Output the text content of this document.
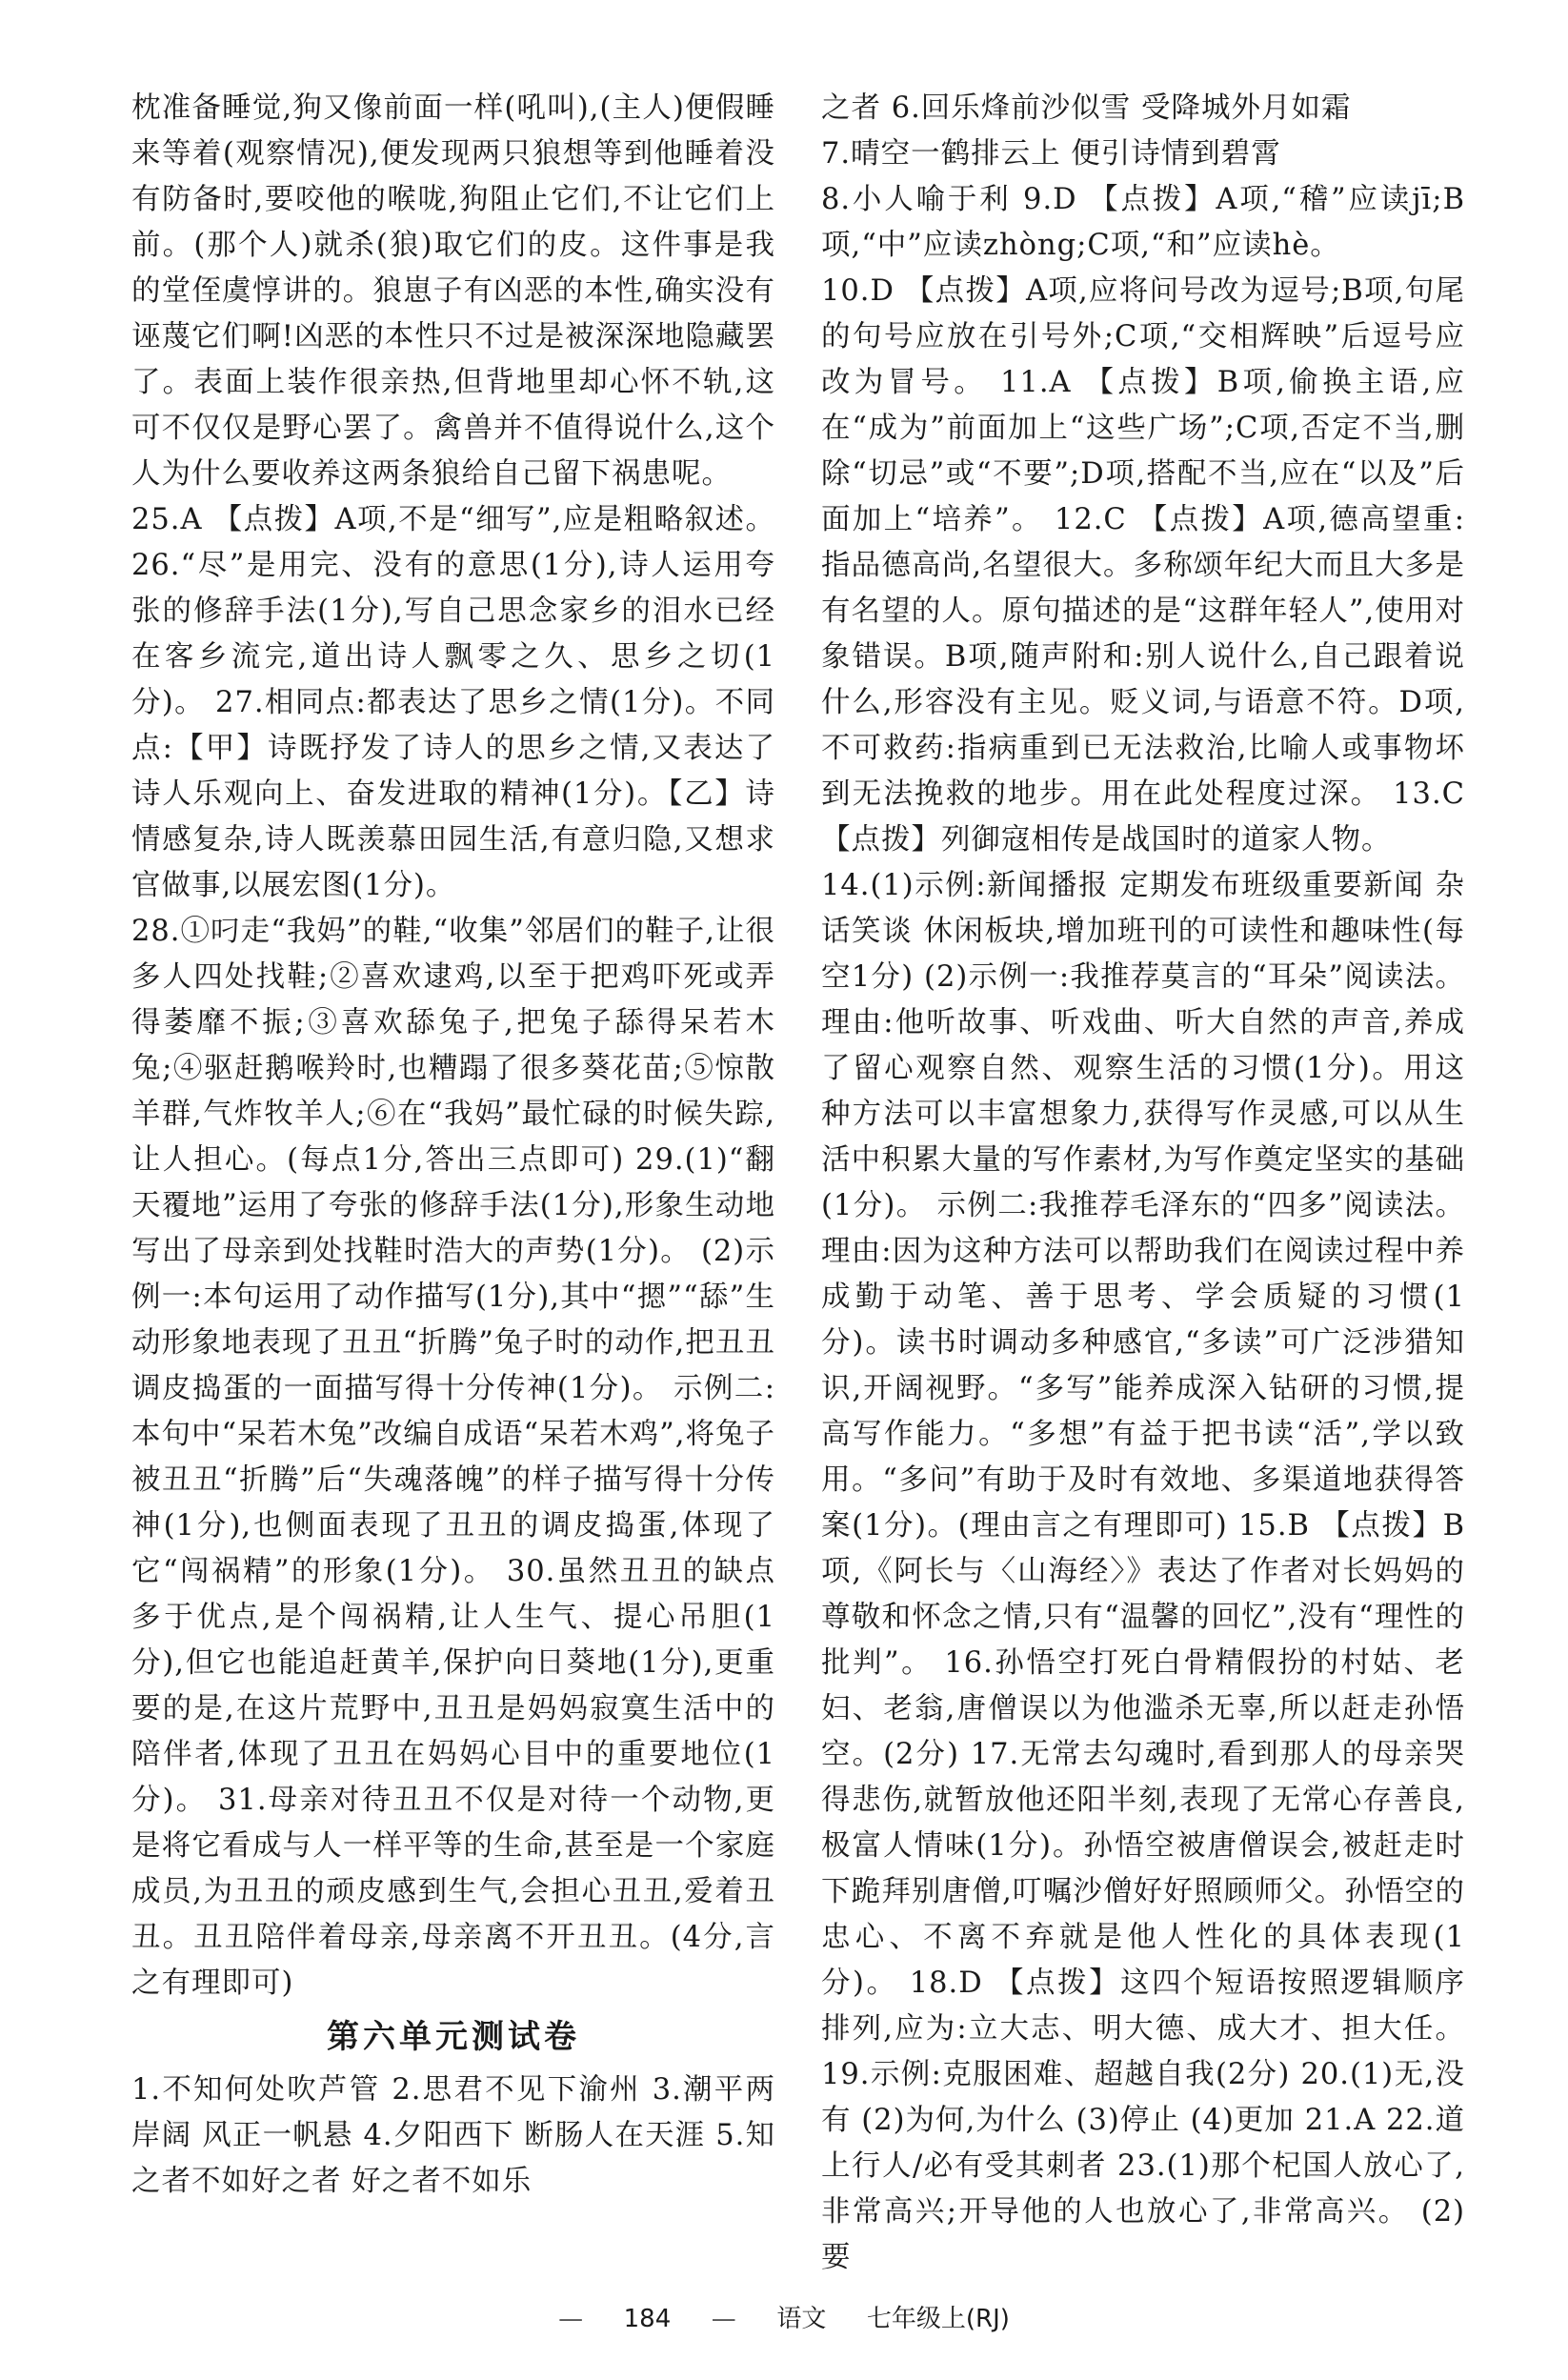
枕准备睡觉,狗又像前面一样(吼叫),(主人)便假睡来等着(观察情况),便发现两只狼想等到他睡着没有防备时,要咬他的喉咙,狗阻止它们,不让它们上前。(那个人)就杀(狼)取它们的皮。这件事是我的堂侄虞惇讲的。狼崽子有凶恶的本性,确实没有诬蔑它们啊!凶恶的本性只不过是被深深地隐藏罢了。表面上装作很亲热,但背地里却心怀不轨,这可不仅仅是野心罢了。禽兽并不值得说什么,这个人为什么要收养这两条狼给自己留下祸患呢。

25.A 【点拨】A项,不是“细写”,应是粗略叙述。 26.“尽”是用完、没有的意思(1分),诗人运用夸张的修辞手法(1分),写自己思念家乡的泪水已经在客乡流完,道出诗人飘零之久、思乡之切(1分)。 27.相同点:都表达了思乡之情(1分)。不同点:【甲】诗既抒发了诗人的思乡之情,又表达了诗人乐观向上、奋发进取的精神(1分)。【乙】诗情感复杂,诗人既羡慕田园生活,有意归隐,又想求官做事,以展宏图(1分)。

28.①叼走“我妈”的鞋,“收集”邻居们的鞋子,让很多人四处找鞋;②喜欢逮鸡,以至于把鸡吓死或弄得萎靡不振;③喜欢舔兔子,把兔子舔得呆若木兔;④驱赶鹅喉羚时,也糟蹋了很多葵花苗;⑤惊散羊群,气炸牧羊人;⑥在“我妈”最忙碌的时候失踪,让人担心。(每点1分,答出三点即可) 29.(1)“翻天覆地”运用了夸张的修辞手法(1分),形象生动地写出了母亲到处找鞋时浩大的声势(1分)。 (2)示例一:本句运用了动作描写(1分),其中“摁”“舔”生动形象地表现了丑丑“折腾”兔子时的动作,把丑丑调皮捣蛋的一面描写得十分传神(1分)。 示例二:本句中“呆若木兔”改编自成语“呆若木鸡”,将兔子被丑丑“折腾”后“失魂落魄”的样子描写得十分传神(1分),也侧面表现了丑丑的调皮捣蛋,体现了它“闯祸精”的形象(1分)。 30.虽然丑丑的缺点多于优点,是个闯祸精,让人生气、提心吊胆(1分),但它也能追赶黄羊,保护向日葵地(1分),更重要的是,在这片荒野中,丑丑是妈妈寂寞生活中的陪伴者,体现了丑丑在妈妈心目中的重要地位(1分)。 31.母亲对待丑丑不仅是对待一个动物,更是将它看成与人一样平等的生命,甚至是一个家庭成员,为丑丑的顽皮感到生气,会担心丑丑,爱着丑丑。丑丑陪伴着母亲,母亲离不开丑丑。(4分,言之有理即可)

第六单元测试卷

1.不知何处吹芦管 2.思君不见下渝州 3.潮平两岸阔 风正一帆悬 4.夕阳西下 断肠人在天涯 5.知之者不如好之者 好之者不如乐

之者 6.回乐烽前沙似雪 受降城外月如霜

7.晴空一鹤排云上 便引诗情到碧霄

8.小人喻于利 9.D 【点拨】A项,“稽”应读jī;B项,“中”应读zhòng;C项,“和”应读hè。

10.D 【点拨】A项,应将问号改为逗号;B项,句尾的句号应放在引号外;C项,“交相辉映”后逗号应改为冒号。 11.A 【点拨】B项,偷换主语,应在“成为”前面加上“这些广场”;C项,否定不当,删除“切忌”或“不要”;D项,搭配不当,应在“以及”后面加上“培养”。 12.C 【点拨】A项,德高望重:指品德高尚,名望很大。多称颂年纪大而且大多是有名望的人。原句描述的是“这群年轻人”,使用对象错误。B项,随声附和:别人说什么,自己跟着说什么,形容没有主见。贬义词,与语意不符。D项,不可救药:指病重到已无法救治,比喻人或事物坏到无法挽救的地步。用在此处程度过深。 13.C 【点拨】列御寇相传是战国时的道家人物。

14.(1)示例:新闻播报 定期发布班级重要新闻 杂话笑谈 休闲板块,增加班刊的可读性和趣味性(每空1分) (2)示例一:我推荐莫言的“耳朵”阅读法。理由:他听故事、听戏曲、听大自然的声音,养成了留心观察自然、观察生活的习惯(1分)。用这种方法可以丰富想象力,获得写作灵感,可以从生活中积累大量的写作素材,为写作奠定坚实的基础(1分)。 示例二:我推荐毛泽东的“四多”阅读法。理由:因为这种方法可以帮助我们在阅读过程中养成勤于动笔、善于思考、学会质疑的习惯(1分)。读书时调动多种感官,“多读”可广泛涉猎知识,开阔视野。“多写”能养成深入钻研的习惯,提高写作能力。“多想”有益于把书读“活”,学以致用。“多问”有助于及时有效地、多渠道地获得答案(1分)。(理由言之有理即可) 15.B 【点拨】B项,《阿长与〈山海经〉》表达了作者对长妈妈的尊敬和怀念之情,只有“温馨的回忆”,没有“理性的批判”。 16.孙悟空打死白骨精假扮的村姑、老妇、老翁,唐僧误以为他滥杀无辜,所以赶走孙悟空。(2分) 17.无常去勾魂时,看到那人的母亲哭得悲伤,就暂放他还阳半刻,表现了无常心存善良,极富人情味(1分)。孙悟空被唐僧误会,被赶走时下跪拜别唐僧,叮嘱沙僧好好照顾师父。孙悟空的忠心、不离不弃就是他人性化的具体表现(1分)。 18.D 【点拨】这四个短语按照逻辑顺序排列,应为:立大志、明大德、成大才、担大任。 19.示例:克服困难、超越自我(2分) 20.(1)无,没有 (2)为何,为什么 (3)停止 (4)更加 21.A 22.道上行人/必有受其刺者 23.(1)那个杞国人放心了,非常高兴;开导他的人也放心了,非常高兴。 (2)要

— 184 — 语文 七年级上(RJ)
